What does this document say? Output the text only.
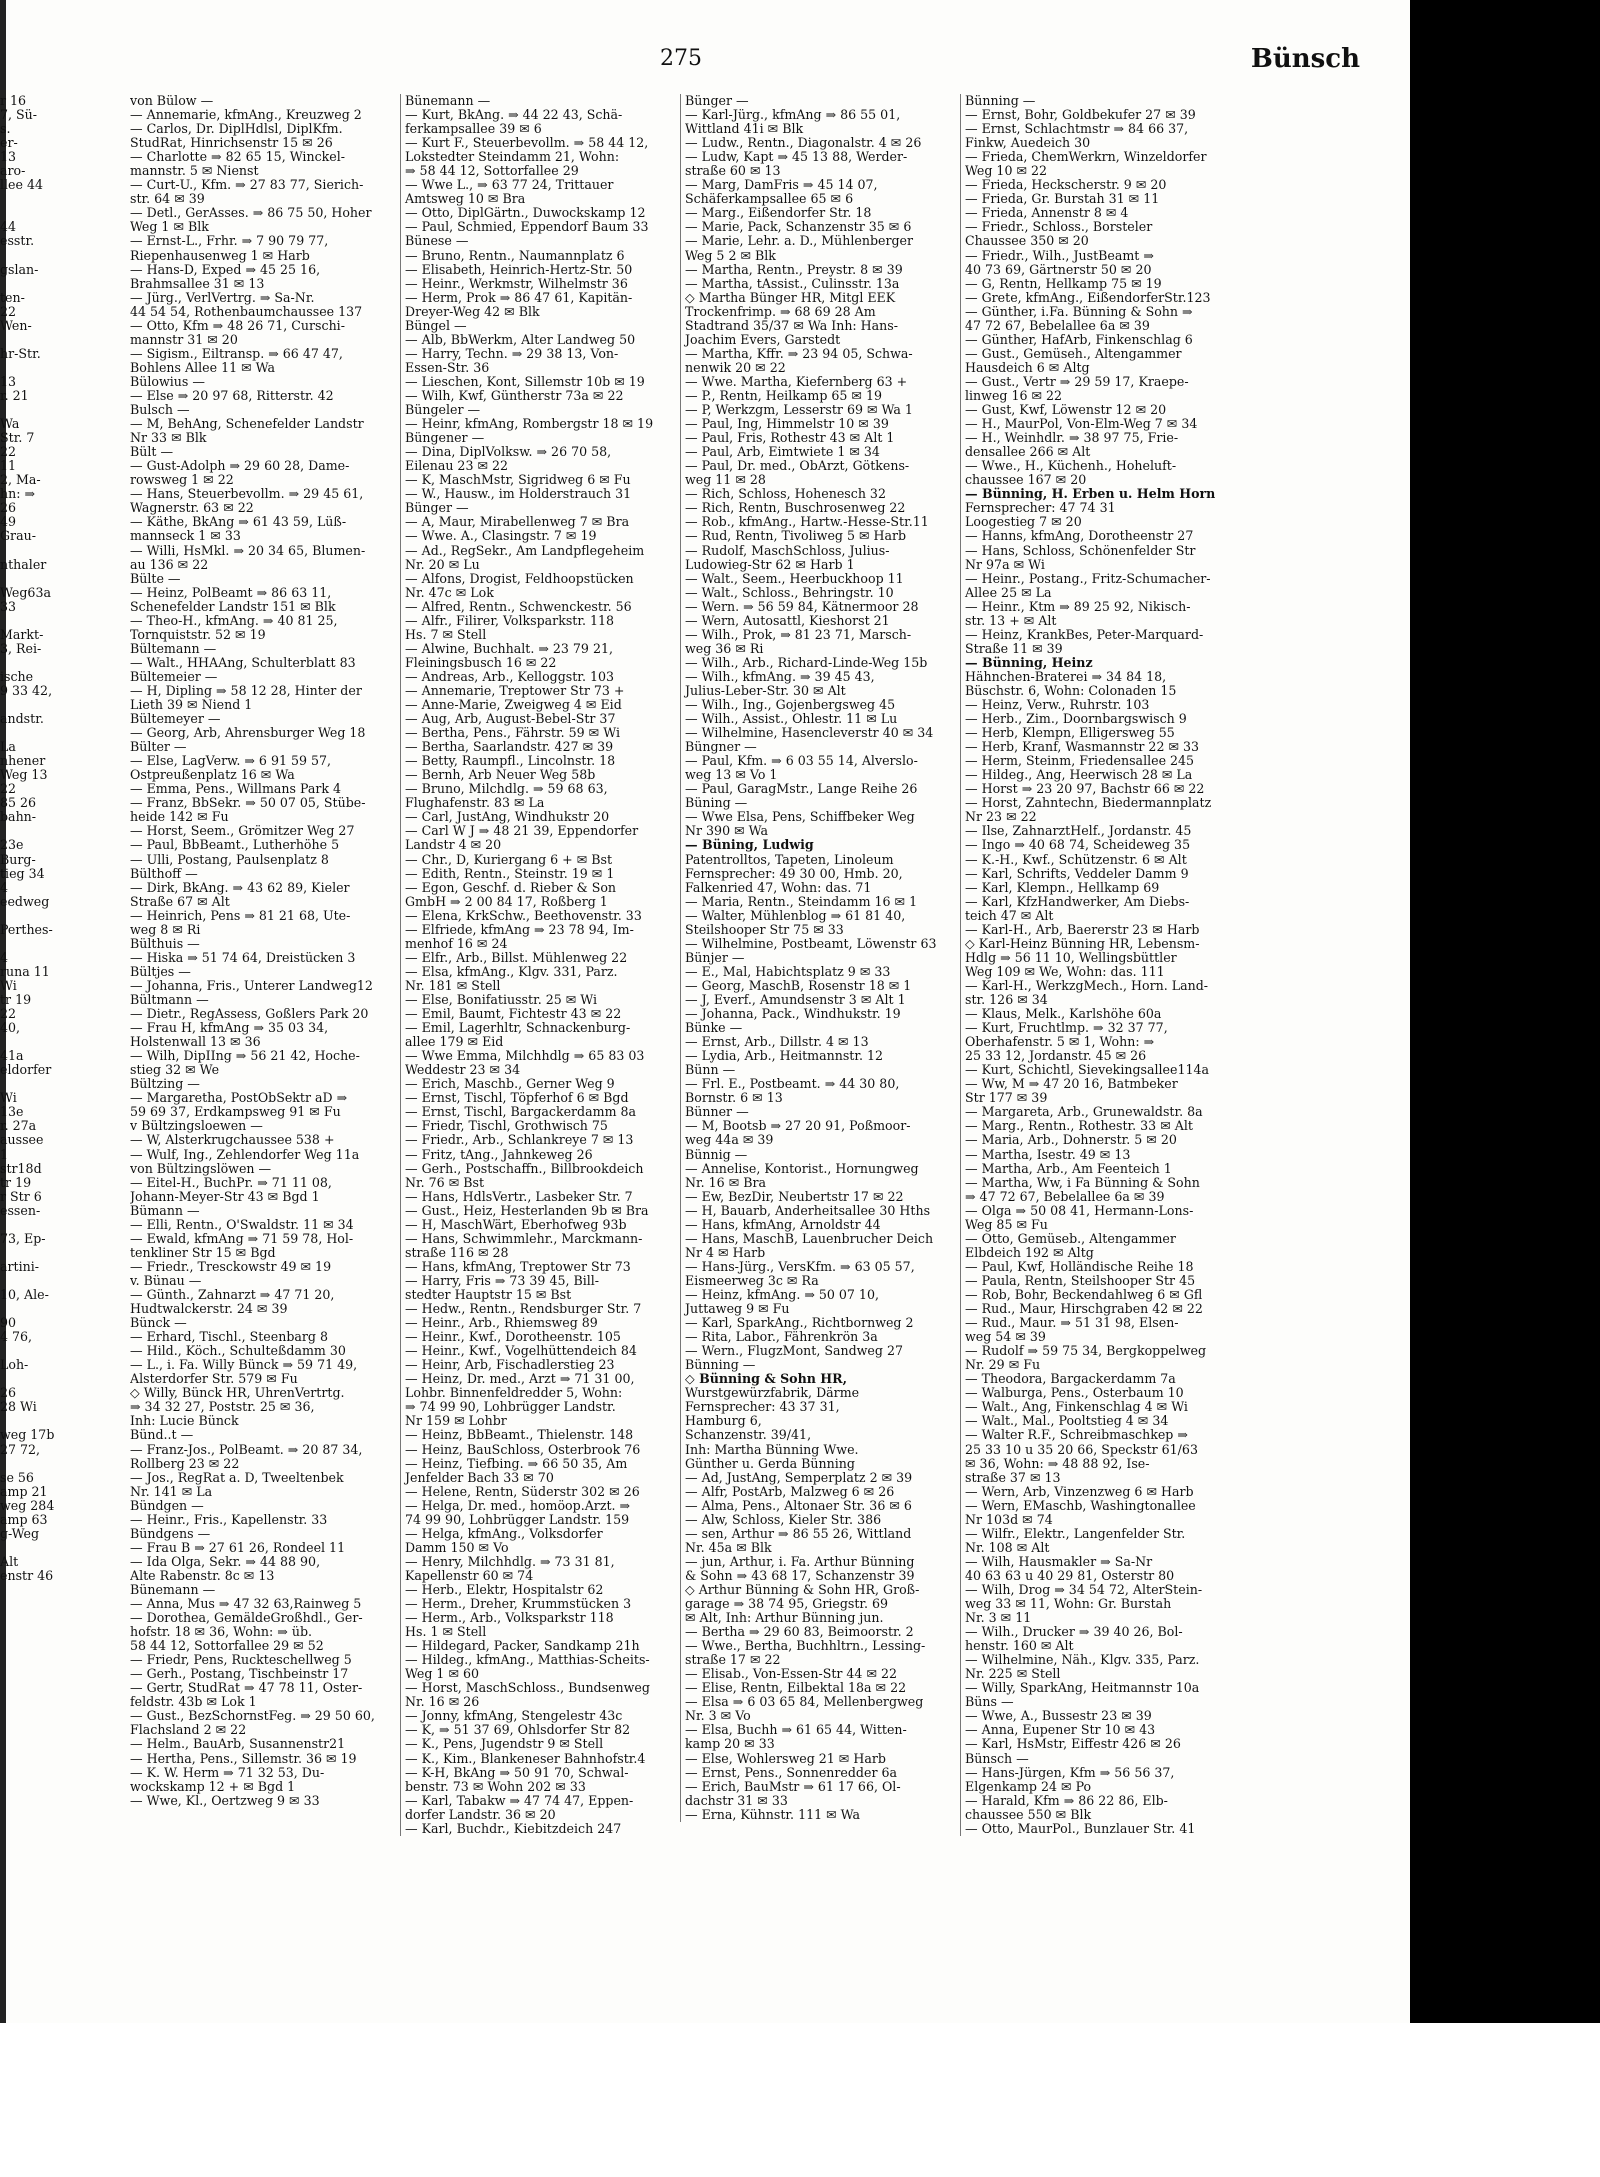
275	Bünsch
r 16
7, Sü-
s.
er-
13
aro-
llee 44

44
esstr.

gslan-

ten-
22
Wen-

hr-Str.

13
r. 21

Wa
Str. 7
22
11
2, Ma-
hn: ⇒
26
49
Grau-

nthaler

Weg63a
33

Markt-
3, Rei-

ische
9 33 42,

andstr.

La
nhener
Weg 13
22
85 26
bahn-

23e
Burg-
tieg 34
4
eedweg

Perthes-

4
runa 11
Wi
tr 19
22
40,

41a
eldorfer

Wi
13e
r. 27a
aussee
1
str18d
tr 19
r Str 6
essen-

73, Ep-

artini-

10, Ale-

90
4 76,

Loh-

26
28 Wi

weg 17b
27 72,

se 56
amp 21
weg 284
amp 63
g-Weg

Alt
enstr 46
von Bülow —
— Annemarie, kfmAng., Kreuzweg 2
— Carlos, Dr. DiplHdlsl, DiplKfm.
StudRat, Hinrichsenstr 15 ✉ 26
— Charlotte ⇒ 82 65 15, Winckel-
mannstr. 5 ✉ Nienst
— Curt-U., Kfm. ⇒ 27 83 77, Sierich-
str. 64 ✉ 39
— Detl., GerAsses. ⇒ 86 75 50, Hoher
Weg 1 ✉ Blk
— Ernst-L., Frhr. ⇒ 7 90 79 77,
Riepenhausenweg 1 ✉ Harb
— Hans-D, Exped ⇒ 45 25 16,
Brahmsallee 31 ✉ 13
— Jürg., VerlVertrg. ⇒ Sa-Nr.
44 54 54, Rothenbaumchaussee 137
— Otto, Kfm ⇒ 48 26 71, Curschi-
mannstr 31 ✉ 20
— Sigism., Eiltransp. ⇒ 66 47 47,
Bohlens Allee 11 ✉ Wa
Bülowius —
— Else ⇒ 20 97 68, Ritterstr. 42
Bulsch —
— M, BehAng, Schenefelder Landstr
Nr 33 ✉ Blk
Bült —
— Gust-Adolph ⇒ 29 60 28, Dame-
rowsweg 1 ✉ 22
— Hans, Steuerbevollm. ⇒ 29 45 61,
Wagnerstr. 63 ✉ 22
— Käthe, BkAng ⇒ 61 43 59, Lüß-
mannseck 1 ✉ 33
— Willi, HsMkl. ⇒ 20 34 65, Blumen-
au 136 ✉ 22
Bülte —
— Heinz, PolBeamt ⇒ 86 63 11,
Schenefelder Landstr 151 ✉ Blk
— Theo-H., kfmAng. ⇒ 40 81 25,
Tornquiststr. 52 ✉ 19
Bültemann —
— Walt., HHAAng, Schulterblatt 83
Bültemeier —
— H, Dipling ⇒ 58 12 28, Hinter der
Lieth 39 ✉ Niend 1
Bültemeyer —
— Georg, Arb, Ahrensburger Weg 18
Bülter —
— Else, LagVerw. ⇒ 6 91 59 57,
Ostpreußenplatz 16 ✉ Wa
— Emma, Pens., Willmans Park 4
— Franz, BbSekr. ⇒ 50 07 05, Stübe-
heide 142 ✉ Fu
— Horst, Seem., Grömitzer Weg 27
— Paul, BbBeamt., Lutherhöhe 5
— Ulli, Postang, Paulsenplatz 8
Bülthoff —
— Dirk, BkAng. ⇒ 43 62 89, Kieler
Straße 67 ✉ Alt
— Heinrich, Pens ⇒ 81 21 68, Ute-
weg 8 ✉ Ri
Bülthuis —
— Hiska ⇒ 51 74 64, Dreistücken 3
Bültjes —
— Johanna, Fris., Unterer Landweg12
Bültmann —
— Dietr., RegAssess, Goßlers Park 20
— Frau H, kfmAng ⇒ 35 03 34,
Holstenwall 13 ✉ 36
— Wilh, DipIIng ⇒ 56 21 42, Hoche-
stieg 32 ✉ We
Bültzing —
— Margaretha, PostObSektr aD ⇒
59 69 37, Erdkampsweg 91 ✉ Fu
v Bültzingsloewen —
— W, Alsterkrugchaussee 538 +
— Wulf, Ing., Zehlendorfer Weg 11a
von Bültzingslöwen —
— Eitel-H., BuchPr. ⇒ 71 11 08,
Johann-Meyer-Str 43 ✉ Bgd 1
Bümann —
— Elli, Rentn., O'Swaldstr. 11 ✉ 34
— Ewald, kfmAng ⇒ 71 59 78, Hol-
tenkliner Str 15 ✉ Bgd
— Friedr., Tresckowstr 49 ✉ 19
v. Bünau —
— Günth., Zahnarzt ⇒ 47 71 20,
Hudtwalckerstr. 24 ✉ 39
Bünck —
— Erhard, Tischl., Steenbarg 8
— Hild., Köch., Schulteßdamm 30
— L., i. Fa. Willy Bünck ⇒ 59 71 49,
Alsterdorfer Str. 579 ✉ Fu
◇ Willy, Bünck HR, UhrenVertrtg.
⇒ 34 32 27, Poststr. 25 ✉ 36,
Inh: Lucie Bünck
Bünd..t —
— Franz-Jos., PolBeamt. ⇒ 20 87 34,
Rollberg 23 ✉ 22
— Jos., RegRat a. D, Tweeltenbek
Nr. 141 ✉ La
Bündgen —
— Heinr., Fris., Kapellenstr. 33
Bündgens —
— Frau B ⇒ 27 61 26, Rondeel 11
— Ida Olga, Sekr. ⇒ 44 88 90,
Alte Rabenstr. 8c ✉ 13
Bünemann —
— Anna, Mus ⇒ 47 32 63,Rainweg 5
— Dorothea, GemäldeGroßhdl., Ger-
hofstr. 18 ✉ 36, Wohn: ⇒ üb.
58 44 12, Sottorfallee 29 ✉ 52
— Friedr, Pens, Ruckteschellweg 5
— Gerh., Postang, Tischbeinstr 17
— Gertr, StudRat ⇒ 47 78 11, Oster-
feldstr. 43b ✉ Lok 1
— Gust., BezSchornstFeg. ⇒ 29 50 60,
Flachsland 2 ✉ 22
— Helm., BauArb, Susannenstr21
— Hertha, Pens., Sillemstr. 36 ✉ 19
— K. W. Herm ⇒ 71 32 53, Du-
wockskamp 12 + ✉ Bgd 1
— Wwe, Kl., Oertzweg 9 ✉ 33
Bünemann —
— Kurt, BkAng. ⇒ 44 22 43, Schä-
ferkampsallee 39 ✉ 6
— Kurt F., Steuerbevollm. ⇒ 58 44 12,
Lokstedter Steindamm 21, Wohn:
⇒ 58 44 12, Sottorfallee 29
— Wwe L., ⇒ 63 77 24, Trittauer
Amtsweg 10 ✉ Bra
— Otto, DiplGärtn., Duwockskamp 12
— Paul, Schmied, Eppendorf Baum 33
Bünese —
— Bruno, Rentn., Naumannplatz 6
— Elisabeth, Heinrich-Hertz-Str. 50
— Heinr., Werkmstr, Wilhelmstr 36
— Herm, Prok ⇒ 86 47 61, Kapitän-
Dreyer-Weg 42 ✉ Blk
Büngel —
— Alb, BbWerkm, Alter Landweg 50
— Harry, Techn. ⇒ 29 38 13, Von-
Essen-Str. 36
— Lieschen, Kont, Sillemstr 10b ✉ 19
— Wilh, Kwf, Güntherstr 73a ✉ 22
Büngeler —
— Heinr, kfmAng, Rombergstr 18 ✉ 19
Büngener —
— Dina, DiplVolksw. ⇒ 26 70 58,
Eilenau 23 ✉ 22
— K, MaschMstr, Sigridweg 6 ✉ Fu
— W., Hausw., im Holderstrauch 31
Bünger —
— A, Maur, Mirabellenweg 7 ✉ Bra
— Wwe. A., Clasingstr. 7 ✉ 19
— Ad., RegSekr., Am Landpflegeheim
Nr. 20 ✉ Lu
— Alfons, Drogist, Feldhoopstücken
Nr. 47c ✉ Lok
— Alfred, Rentn., Schwenckestr. 56
— Alfr., Filirer, Volksparkstr. 118
Hs. 7 ✉ Stell
— Alwine, Buchhalt. ⇒ 23 79 21,
Fleiningsbusch 16 ✉ 22
— Andreas, Arb., Kelloggstr. 103
— Annemarie, Treptower Str 73 +
— Anne-Marie, Zweigweg 4 ✉ Eid
— Aug, Arb, August-Bebel-Str 37
— Bertha, Pens., Fährstr. 59 ✉ Wi
— Bertha, Saarlandstr. 427 ✉ 39
— Betty, Raumpfl., Lincolnstr. 18
— Bernh, Arb Neuer Weg 58b
— Bruno, Milchdlg. ⇒ 59 68 63,
Flughafenstr. 83 ✉ La
— Carl, JustAng, Windhukstr 20
— Carl W J ⇒ 48 21 39, Eppendorfer
Landstr 4 ✉ 20
— Chr., D, Kuriergang 6 + ✉ Bst
— Edith, Rentn., Steinstr. 19 ✉ 1
— Egon, Geschf. d. Rieber & Son
GmbH ⇒ 2 00 84 17, Roßberg 1
— Elena, KrkSchw., Beethovenstr. 33
— Elfriede, kfmAng ⇒ 23 78 94, Im-
menhof 16 ✉ 24
— Elfr., Arb., Billst. Mühlenweg 22
— Elsa, kfmAng., Klgv. 331, Parz.
Nr. 181 ✉ Stell
— Else, Bonifatiusstr. 25 ✉ Wi
— Emil, Baumt, Fichtestr 43 ✉ 22
— Emil, Lagerhltr, Schnackenburg-
allee 179 ✉ Eid
— Wwe Emma, Milchhdlg ⇒ 65 83 03
Weddestr 23 ✉ 34
— Erich, Maschb., Gerner Weg 9
— Ernst, Tischl, Töpferhof 6 ✉ Bgd
— Ernst, Tischl, Bargackerdamm 8a
— Friedr, Tischl, Grothwisch 75
— Friedr., Arb., Schlankreye 7 ✉ 13
— Fritz, tAng., Jahnkeweg 26
— Gerh., Postschaffn., Billbrookdeich
Nr. 76 ✉ Bst
— Hans, HdlsVertr., Lasbeker Str. 7
— Gust., Heiz, Hesterlanden 9b ✉ Bra
— H, MaschWärt, Eberhofweg 93b
— Hans, Schwimmlehr., Marckmann-
straße 116 ✉ 28
— Hans, kfmAng, Treptower Str 73
— Harry, Fris ⇒ 73 39 45, Bill-
stedter Hauptstr 15 ✉ Bst
— Hedw., Rentn., Rendsburger Str. 7
— Heinr., Arb., Rhiemsweg 89
— Heinr., Kwf., Dorotheenstr. 105
— Heinr., Kwf., Vogelhüttendeich 84
— Heinr, Arb, Fischadlerstieg 23
— Heinz, Dr. med., Arzt ⇒ 71 31 00,
Lohbr. Binnenfeldredder 5, Wohn:
⇒ 74 99 90, Lohbrügger Landstr.
Nr 159 ✉ Lohbr
— Heinz, BbBeamt., Thielenstr. 148
— Heinz, BauSchloss, Osterbrook 76
— Heinz, Tiefbing. ⇒ 66 50 35, Am
Jenfelder Bach 33 ✉ 70
— Helene, Rentn, Süderstr 302 ✉ 26
— Helga, Dr. med., homöop.Arzt. ⇒
74 99 90, Lohbrügger Landstr. 159
— Helga, kfmAng., Volksdorfer
Damm 150 ✉ Vo
— Henry, Milchhdlg. ⇒ 73 31 81,
Kapellenstr 60 ✉ 74
— Herb., Elektr, Hospitalstr 62
— Herm., Dreher, Krummstücken 3
— Herm., Arb., Volksparkstr 118
Hs. 1 ✉ Stell
— Hildegard, Packer, Sandkamp 21h
— Hildeg., kfmAng., Matthias-Scheits-
Weg 1 ✉ 60
— Horst, MaschSchloss., Bundsenweg
Nr. 16 ✉ 26
— Jonny, kfmAng, Stengelestr 43c
— K, ⇒ 51 37 69, Ohlsdorfer Str 82
— K., Pens, Jugendstr 9 ✉ Stell
— K., Kim., Blankeneser Bahnhofstr.4
— K-H, BkAng ⇒ 50 91 70, Schwal-
benstr. 73 ✉ Wohn 202 ✉ 33
— Karl, Tabakw ⇒ 47 74 47, Eppen-
dorfer Landstr. 36 ✉ 20
— Karl, Buchdr., Kiebitzdeich 247
Bünger —
— Karl-Jürg., kfmAng ⇒ 86 55 01,
Wittland 41i ✉ Blk
— Ludw., Rentn., Diagonalstr. 4 ✉ 26
— Ludw, Kapt ⇒ 45 13 88, Werder-
straße 60 ✉ 13
— Marg, DamFris ⇒ 45 14 07,
Schäferkampsallee 65 ✉ 6
— Marg., Eißendorfer Str. 18
— Marie, Pack, Schanzenstr 35 ✉ 6
— Marie, Lehr. a. D., Mühlenberger
Weg 5 2 ✉ Blk
— Martha, Rentn., Preystr. 8 ✉ 39
— Martha, tAssist., Culinsstr. 13a
◇ Martha Bünger HR, Mitgl EEK
Trockenfrimp. ⇒ 68 69 28 Am
Stadtrand 35/37 ✉ Wa Inh: Hans-
Joachim Evers, Garstedt
— Martha, Kffr. ⇒ 23 94 05, Schwa-
nenwik 20 ✉ 22
— Wwe. Martha, Kiefernberg 63 +
— P., Rentn, Heilkamp 65 ✉ 19
— P, Werkzgm, Lesserstr 69 ✉ Wa 1
— Paul, Ing, Himmelstr 10 ✉ 39
— Paul, Fris, Rothestr 43 ✉ Alt 1
— Paul, Arb, Eimtwiete 1 ✉ 34
— Paul, Dr. med., ObArzt, Götkens-
weg 11 ✉ 28
— Rich, Schloss, Hohenesch 32
— Rich, Rentn, Buschrosenweg 22
— Rob., kfmAng., Hartw.-Hesse-Str.11
— Rud, Rentn, Tivoliweg 5 ✉ Harb
— Rudolf, MaschSchloss, Julius-
Ludowieg-Str 62 ✉ Harb 1
— Walt., Seem., Heerbuckhoop 11
— Walt., Schloss., Behringstr. 10
— Wern. ⇒ 56 59 84, Kätnermoor 28
— Wern, Autosattl, Kieshorst 21
— Wilh., Prok, ⇒ 81 23 71, Marsch-
weg 36 ✉ Ri
— Wilh., Arb., Richard-Linde-Weg 15b
— Wilh., kfmAng. ⇒ 39 45 43,
Julius-Leber-Str. 30 ✉ Alt
— Wilh., Ing., Gojenbergsweg 45
— Wilh., Assist., Ohlestr. 11 ✉ Lu
— Wilhelmine, Hasencleverstr 40 ✉ 34
Büngner —
— Paul, Kfm. ⇒ 6 03 55 14, Alverslo-
weg 13 ✉ Vo 1
— Paul, GaragMstr., Lange Reihe 26
Büning —
— Wwe Elsa, Pens, Schiffbeker Weg
Nr 390 ✉ Wa
— Büning, Ludwig
Patentrolltos, Tapeten, Linoleum
Fernsprecher: 49 30 00, Hmb. 20,
Falkenried 47, Wohn: das. 71
— Maria, Rentn., Steindamm 16 ✉ 1
— Walter, Mühlenblog ⇒ 61 81 40,
Steilshooper Str 75 ✉ 33
— Wilhelmine, Postbeamt, Löwenstr 63
Bünjer —
— E., Mal, Habichtsplatz 9 ✉ 33
— Georg, MaschB, Rosenstr 18 ✉ 1
— J, Everf., Amundsenstr 3 ✉ Alt 1
— Johanna, Pack., Windhukstr. 19
Bünke —
— Ernst, Arb., Dillstr. 4 ✉ 13
— Lydia, Arb., Heitmannstr. 12
Bünn —
— Frl. E., Postbeamt. ⇒ 44 30 80,
Bornstr. 6 ✉ 13
Bünner —
— M, Bootsb ⇒ 27 20 91, Poßmoor-
weg 44a ✉ 39
Bünnig —
— Annelise, Kontorist., Hornungweg
Nr. 16 ✉ Bra
— Ew, BezDir, Neubertstr 17 ✉ 22
— H, Bauarb, Anderheitsallee 30 Hths
— Hans, kfmAng, Arnoldstr 44
— Hans, MaschB, Lauenbrucher Deich
Nr 4 ✉ Harb
— Hans-Jürg., VersKfm. ⇒ 63 05 57,
Eismeerweg 3c ✉ Ra
— Heinz, kfmAng. ⇒ 50 07 10,
Juttaweg 9 ✉ Fu
— Karl, SparkAng., Richtbornweg 2
— Rita, Labor., Fährenkrön 3a
— Wern., FlugzMont, Sandweg 27
Bünning —
◇ Bünning & Sohn HR,
Wurstgewürzfabrik, Därme
Fernsprecher: 43 37 31,
Hamburg 6,
Schanzenstr. 39/41,
Inh: Martha Bünning Wwe.
Günther u. Gerda Bünning
— Ad, JustAng, Semperplatz 2 ✉ 39
— Alfr, PostArb, Malzweg 6 ✉ 26
— Alma, Pens., Altonaer Str. 36 ✉ 6
— Alw, Schloss, Kieler Str. 386
— sen, Arthur ⇒ 86 55 26, Wittland
Nr. 45a ✉ Blk
— jun, Arthur, i. Fa. Arthur Bünning
& Sohn ⇒ 43 68 17, Schanzenstr 39
◇ Arthur Bünning & Sohn HR, Groß-
garage ⇒ 38 74 95, Griegstr. 69
✉ Alt, Inh: Arthur Bünning jun.
— Bertha ⇒ 29 60 83, Beimoorstr. 2
— Wwe., Bertha, Buchhltrn., Lessing-
straße 17 ✉ 22
— Elisab., Von-Essen-Str 44 ✉ 22
— Elise, Rentn, Eilbektal 18a ✉ 22
— Elsa ⇒ 6 03 65 84, Mellenbergweg
Nr. 3 ✉ Vo
— Elsa, Buchh ⇒ 61 65 44, Witten-
kamp 20 ✉ 33
— Else, Wohlersweg 21 ✉ Harb
— Ernst, Pens., Sonnenredder 6a
— Erich, BauMstr ⇒ 61 17 66, Ol-
dachstr 31 ✉ 33
— Erna, Kühnstr. 111 ✉ Wa
Bünning —
— Ernst, Bohr, Goldbekufer 27 ✉ 39
— Ernst, Schlachtmstr ⇒ 84 66 37,
Finkw, Auedeich 30
— Frieda, ChemWerkrn, Winzeldorfer
Weg 10 ✉ 22
— Frieda, Heckscherstr. 9 ✉ 20
— Frieda, Gr. Burstah 31 ✉ 11
— Frieda, Annenstr 8 ✉ 4
— Friedr., Schloss., Borsteler
Chaussee 350 ✉ 20
— Friedr., Wilh., JustBeamt ⇒
40 73 69, Gärtnerstr 50 ✉ 20
— G, Rentn, Hellkamp 75 ✉ 19
— Grete, kfmAng., EißendorferStr.123
— Günther, i.Fa. Bünning & Sohn ⇒
47 72 67, Bebelallee 6a ✉ 39
— Günther, HafArb, Finkenschlag 6
— Gust., Gemüseh., Altengammer
Hausdeich 6 ✉ Altg
— Gust., Vertr ⇒ 29 59 17, Kraepe-
linweg 16 ✉ 22
— Gust, Kwf, Löwenstr 12 ✉ 20
— H., MaurPol, Von-Elm-Weg 7 ✉ 34
— H., Weinhdlr. ⇒ 38 97 75, Frie-
densallee 266 ✉ Alt
— Wwe., H., Küchenh., Hoheluft-
chaussee 167 ✉ 20
— Bünning, H. Erben u. Helm Horn
Fernsprecher: 47 74 31
Loogestieg 7 ✉ 20
— Hanns, kfmAng, Dorotheenstr 27
— Hans, Schloss, Schönenfelder Str
Nr 97a ✉ Wi
— Heinr., Postang., Fritz-Schumacher-
Allee 25 ✉ La
— Heinr., Ktm ⇒ 89 25 92, Nikisch-
str. 13 + ✉ Alt
— Heinz, KrankBes, Peter-Marquard-
Straße 11 ✉ 39
— Bünning, Heinz
Hähnchen-Braterei ⇒ 34 84 18,
Büschstr. 6, Wohn: Colonaden 15
— Heinz, Verw., Ruhrstr. 103
— Herb., Zim., Doornbargswisch 9
— Herb, Klempn, Elligersweg 55
— Herb, Kranf, Wasmannstr 22 ✉ 33
— Herm, Steinm, Friedensallee 245
— Hildeg., Ang, Heerwisch 28 ✉ La
— Horst ⇒ 23 20 97, Bachstr 66 ✉ 22
— Horst, Zahntechn, Biedermannplatz
Nr 23 ✉ 22
— Ilse, ZahnarztHelf., Jordanstr. 45
— Ingo ⇒ 40 68 74, Scheideweg 35
— K.-H., Kwf., Schützenstr. 6 ✉ Alt
— Karl, Schrifts, Veddeler Damm 9
— Karl, Klempn., Hellkamp 69
— Karl, KfzHandwerker, Am Diebs-
teich 47 ✉ Alt
— Karl-H., Arb, Baererstr 23 ✉ Harb
◇ Karl-Heinz Bünning HR, Lebensm-
Hdlg ⇒ 56 11 10, Wellingsbüttler
Weg 109 ✉ We, Wohn: das. 111
— Karl-H., WerkzgMech., Horn. Land-
str. 126 ✉ 34
— Klaus, Melk., Karlshöhe 60a
— Kurt, Fruchtlmp. ⇒ 32 37 77,
Oberhafenstr. 5 ✉ 1, Wohn: ⇒
25 33 12, Jordanstr. 45 ✉ 26
— Kurt, Schichtl, Sievekingsallee114a
— Ww, M ⇒ 47 20 16, Batmbeker
Str 177 ✉ 39
— Margareta, Arb., Grunewaldstr. 8a
— Marg., Rentn., Rothestr. 33 ✉ Alt
— Maria, Arb., Dohnerstr. 5 ✉ 20
— Martha, Isestr. 49 ✉ 13
— Martha, Arb., Am Feenteich 1
— Martha, Ww, i Fa Bünning & Sohn
⇒ 47 72 67, Bebelallee 6a ✉ 39
— Olga ⇒ 50 08 41, Hermann-Lons-
Weg 85 ✉ Fu
— Otto, Gemüseb., Altengammer
Elbdeich 192 ✉ Altg
— Paul, Kwf, Holländische Reihe 18
— Paula, Rentn, Steilshooper Str 45
— Rob, Bohr, Beckendahlweg 6 ✉ Gfl
— Rud., Maur, Hirschgraben 42 ✉ 22
— Rud., Maur. ⇒ 51 31 98, Elsen-
weg 54 ✉ 39
— Rudolf ⇒ 59 75 34, Bergkoppelweg
Nr. 29 ✉ Fu
— Theodora, Bargackerdamm 7a
— Walburga, Pens., Osterbaum 10
— Walt., Ang, Finkenschlag 4 ✉ Wi
— Walt., Mal., Pooltstieg 4 ✉ 34
— Walter R.F., Schreibmaschkep ⇒
25 33 10 u 35 20 66, Speckstr 61/63
✉ 36, Wohn: ⇒ 48 88 92, Ise-
straße 37 ✉ 13
— Wern, Arb, Vinzenzweg 6 ✉ Harb
— Wern, EMaschb, Washingtonallee
Nr 103d ✉ 74
— Wilfr., Elektr., Langenfelder Str.
Nr. 108 ✉ Alt
— Wilh, Hausmakler ⇒ Sa-Nr
40 63 63 u 40 29 81, Osterstr 80
— Wilh, Drog ⇒ 34 54 72, AlterStein-
weg 33 ✉ 11, Wohn: Gr. Burstah
Nr. 3 ✉ 11
— Wilh., Drucker ⇒ 39 40 26, Bol-
henstr. 160 ✉ Alt
— Wilhelmine, Näh., Klgv. 335, Parz.
Nr. 225 ✉ Stell
— Willy, SparkAng, Heitmannstr 10a
Büns —
— Wwe, A., Bussestr 23 ✉ 39
— Anna, Eupener Str 10 ✉ 43
— Karl, HsMstr, Eiffestr 426 ✉ 26
Bünsch —
— Hans-Jürgen, Kfm ⇒ 56 56 37,
Elgenkamp 24 ✉ Po
— Harald, Kfm ⇒ 86 22 86, Elb-
chaussee 550 ✉ Blk
— Otto, MaurPol., Bunzlauer Str. 41
